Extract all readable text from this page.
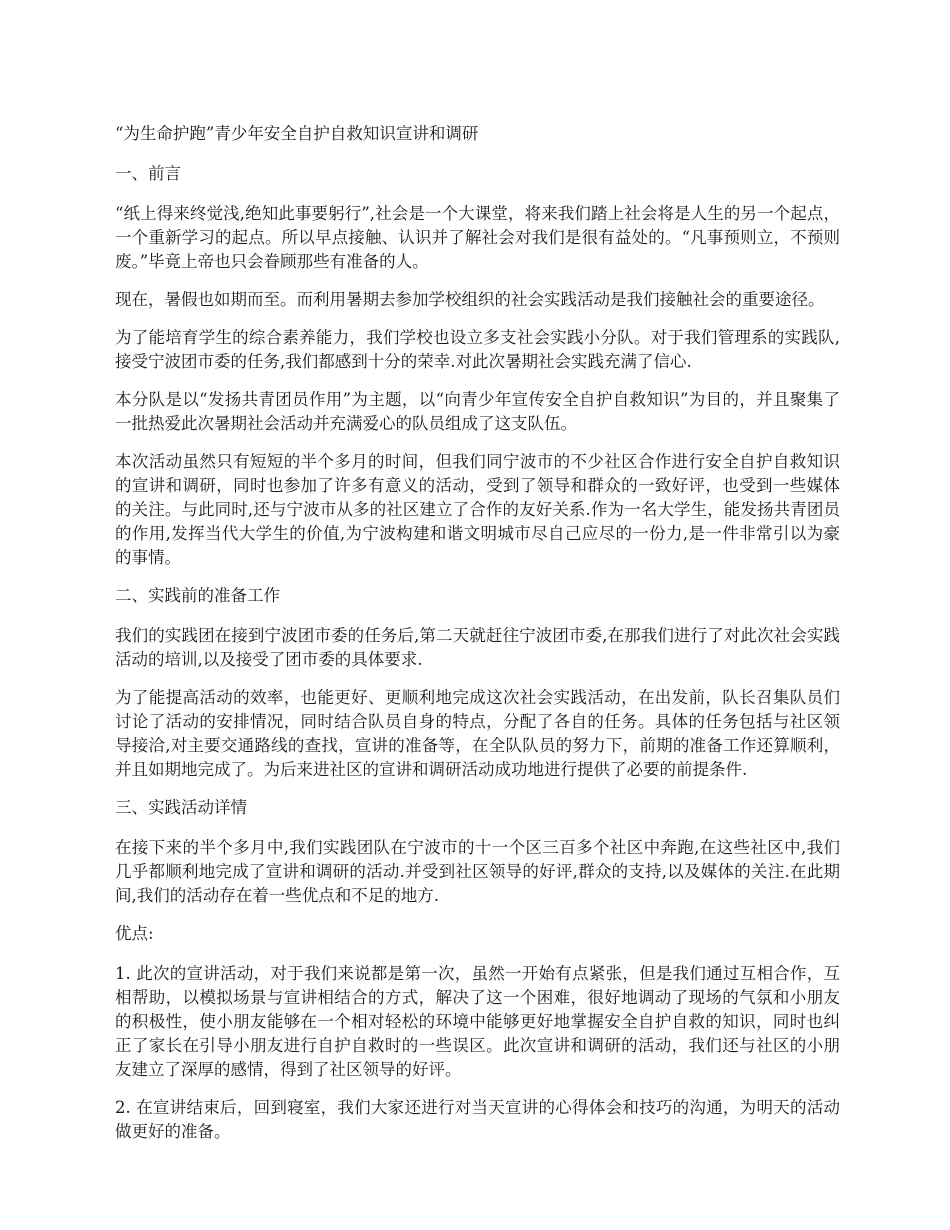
“为生命护跑”青少年安全自护自救知识宣讲和调研

一、前言

“纸上得来终觉浅,绝知此事要躬行”,社会是一个大课堂，将来我们踏上社会将是人生的另一个起点，一个重新学习的起点。所以早点接触、认识并了解社会对我们是很有益处的。“凡事预则立，不预则废。”毕竟上帝也只会眷顾那些有准备的人。

现在，暑假也如期而至。而利用暑期去参加学校组织的社会实践活动是我们接触社会的重要途径。

为了能培育学生的综合素养能力，我们学校也设立多支社会实践小分队。对于我们管理系的实践队,接受宁波团市委的任务,我们都感到十分的荣幸.对此次暑期社会实践充满了信心.

本分队是以“发扬共青团员作用”为主题，以“向青少年宣传安全自护自救知识”为目的，并且聚集了一批热爱此次暑期社会活动并充满爱心的队员组成了这支队伍。

本次活动虽然只有短短的半个多月的时间，但我们同宁波市的不少社区合作进行安全自护自救知识的宣讲和调研，同时也参加了许多有意义的活动，受到了领导和群众的一致好评，也受到一些媒体的关注。与此同时,还与宁波市从多的社区建立了合作的友好关系.作为一名大学生，能发扬共青团员的作用,发挥当代大学生的价值,为宁波构建和谐文明城市尽自己应尽的一份力,是一件非常引以为豪的事情。

二、实践前的准备工作

我们的实践团在接到宁波团市委的任务后,第二天就赶往宁波团市委,在那我们进行了对此次社会实践活动的培训,以及接受了团市委的具体要求.

为了能提高活动的效率，也能更好、更顺利地完成这次社会实践活动，在出发前，队长召集队员们讨论了活动的安排情况，同时结合队员自身的特点，分配了各自的任务。具体的任务包括与社区领导接洽,对主要交通路线的查找，宣讲的准备等，在全队队员的努力下，前期的准备工作还算顺利，并且如期地完成了。为后来进社区的宣讲和调研活动成功地进行提供了必要的前提条件.

三、实践活动详情

在接下来的半个多月中,我们实践团队在宁波市的十一个区三百多个社区中奔跑,在这些社区中,我们几乎都顺利地完成了宣讲和调研的活动.并受到社区领导的好评,群众的支持,以及媒体的关注.在此期间,我们的活动存在着一些优点和不足的地方.

优点:

1. 此次的宣讲活动，对于我们来说都是第一次，虽然一开始有点紧张，但是我们通过互相合作，互相帮助，以模拟场景与宣讲相结合的方式，解决了这一个困难，很好地调动了现场的气氛和小朋友的积极性，使小朋友能够在一个相对轻松的环境中能够更好地掌握安全自护自救的知识，同时也纠正了家长在引导小朋友进行自护自救时的一些误区。此次宣讲和调研的活动，我们还与社区的小朋友建立了深厚的感情，得到了社区领导的好评。

2. 在宣讲结束后，回到寝室，我们大家还进行对当天宣讲的心得体会和技巧的沟通，为明天的活动做更好的准备。
